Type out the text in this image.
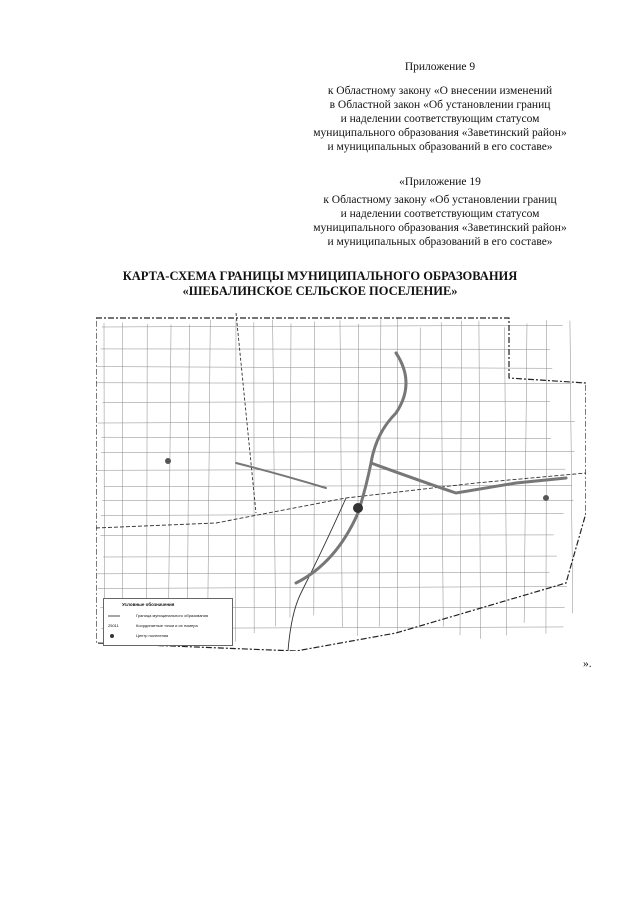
Приложение 9
к Областному закону «О внесении изменений
в Областной закон «Об установлении границ
и наделении соответствующим статусом
муниципального образования «Заветинский район»
и муниципальных образований в его составе»
«Приложение 19
к Областному закону «Об установлении границ
и наделении соответствующим статусом
муниципального образования «Заветинский район»
и муниципальных образований в его составе»
КАРТА-СХЕМА ГРАНИЦЫ МУНИЦИПАЛЬНОГО ОБРАЗОВАНИЯ
«ШЕБАЛИНСКОЕ СЕЛЬСКОЕ ПОСЕЛЕНИЕ»
Условные обозначения
Граница муниципального образования
25011	Координатные точки и их номера
Центр поселения
».
